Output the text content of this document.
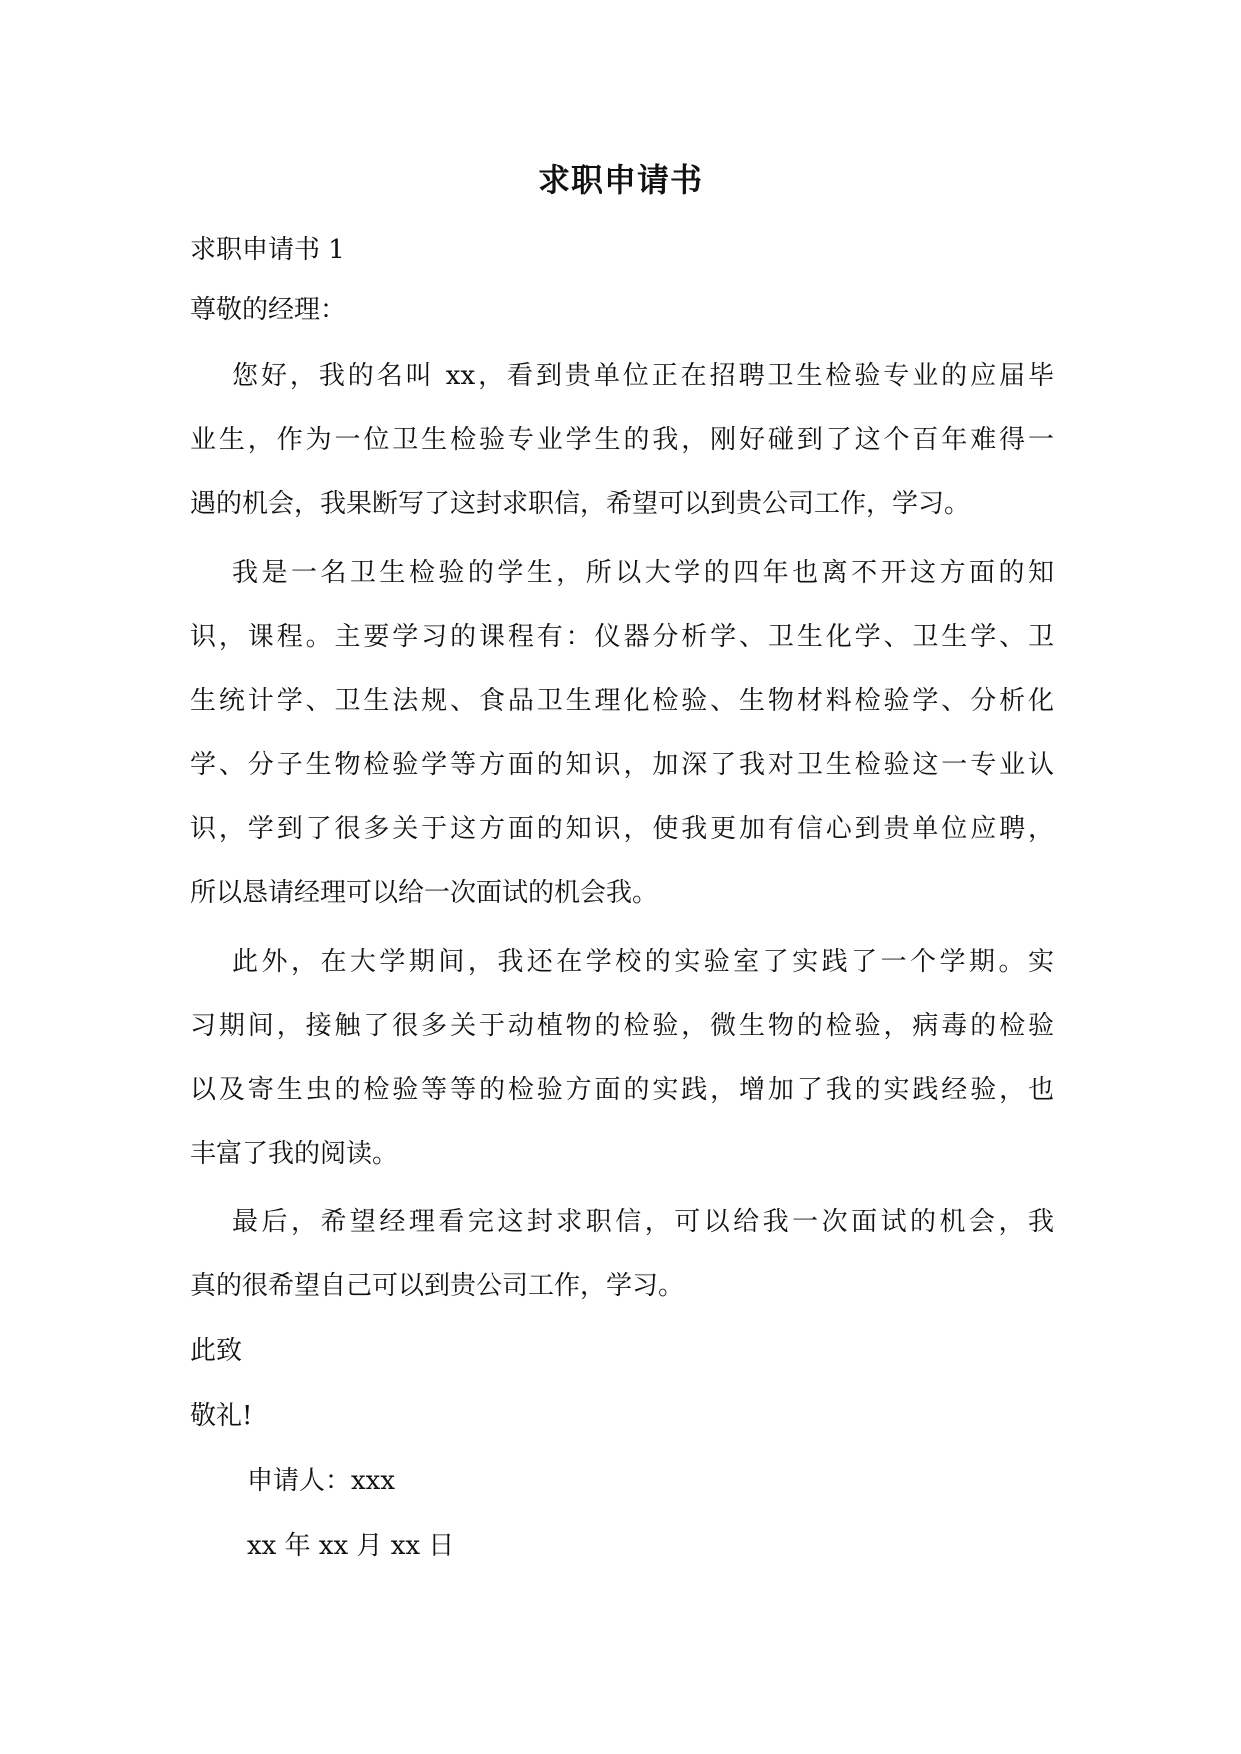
求职申请书
求职申请书 1
尊敬的经理：
您好，我的名叫 xx，看到贵单位正在招聘卫生检验专业的应届毕
业生，作为一位卫生检验专业学生的我，刚好碰到了这个百年难得一
遇的机会，我果断写了这封求职信，希望可以到贵公司工作，学习。
我是一名卫生检验的学生，所以大学的四年也离不开这方面的知
识，课程。主要学习的课程有：仪器分析学、卫生化学、卫生学、卫
生统计学、卫生法规、食品卫生理化检验、生物材料检验学、分析化
学、分子生物检验学等方面的知识，加深了我对卫生检验这一专业认
识，学到了很多关于这方面的知识，使我更加有信心到贵单位应聘，
所以恳请经理可以给一次面试的机会我。
此外，在大学期间，我还在学校的实验室了实践了一个学期。实
习期间，接触了很多关于动植物的检验，微生物的检验，病毒的检验
以及寄生虫的检验等等的检验方面的实践，增加了我的实践经验，也
丰富了我的阅读。
最后，希望经理看完这封求职信，可以给我一次面试的机会，我
真的很希望自己可以到贵公司工作，学习。
此致
敬礼!
申请人：xxx
xx 年 xx 月 xx 日
